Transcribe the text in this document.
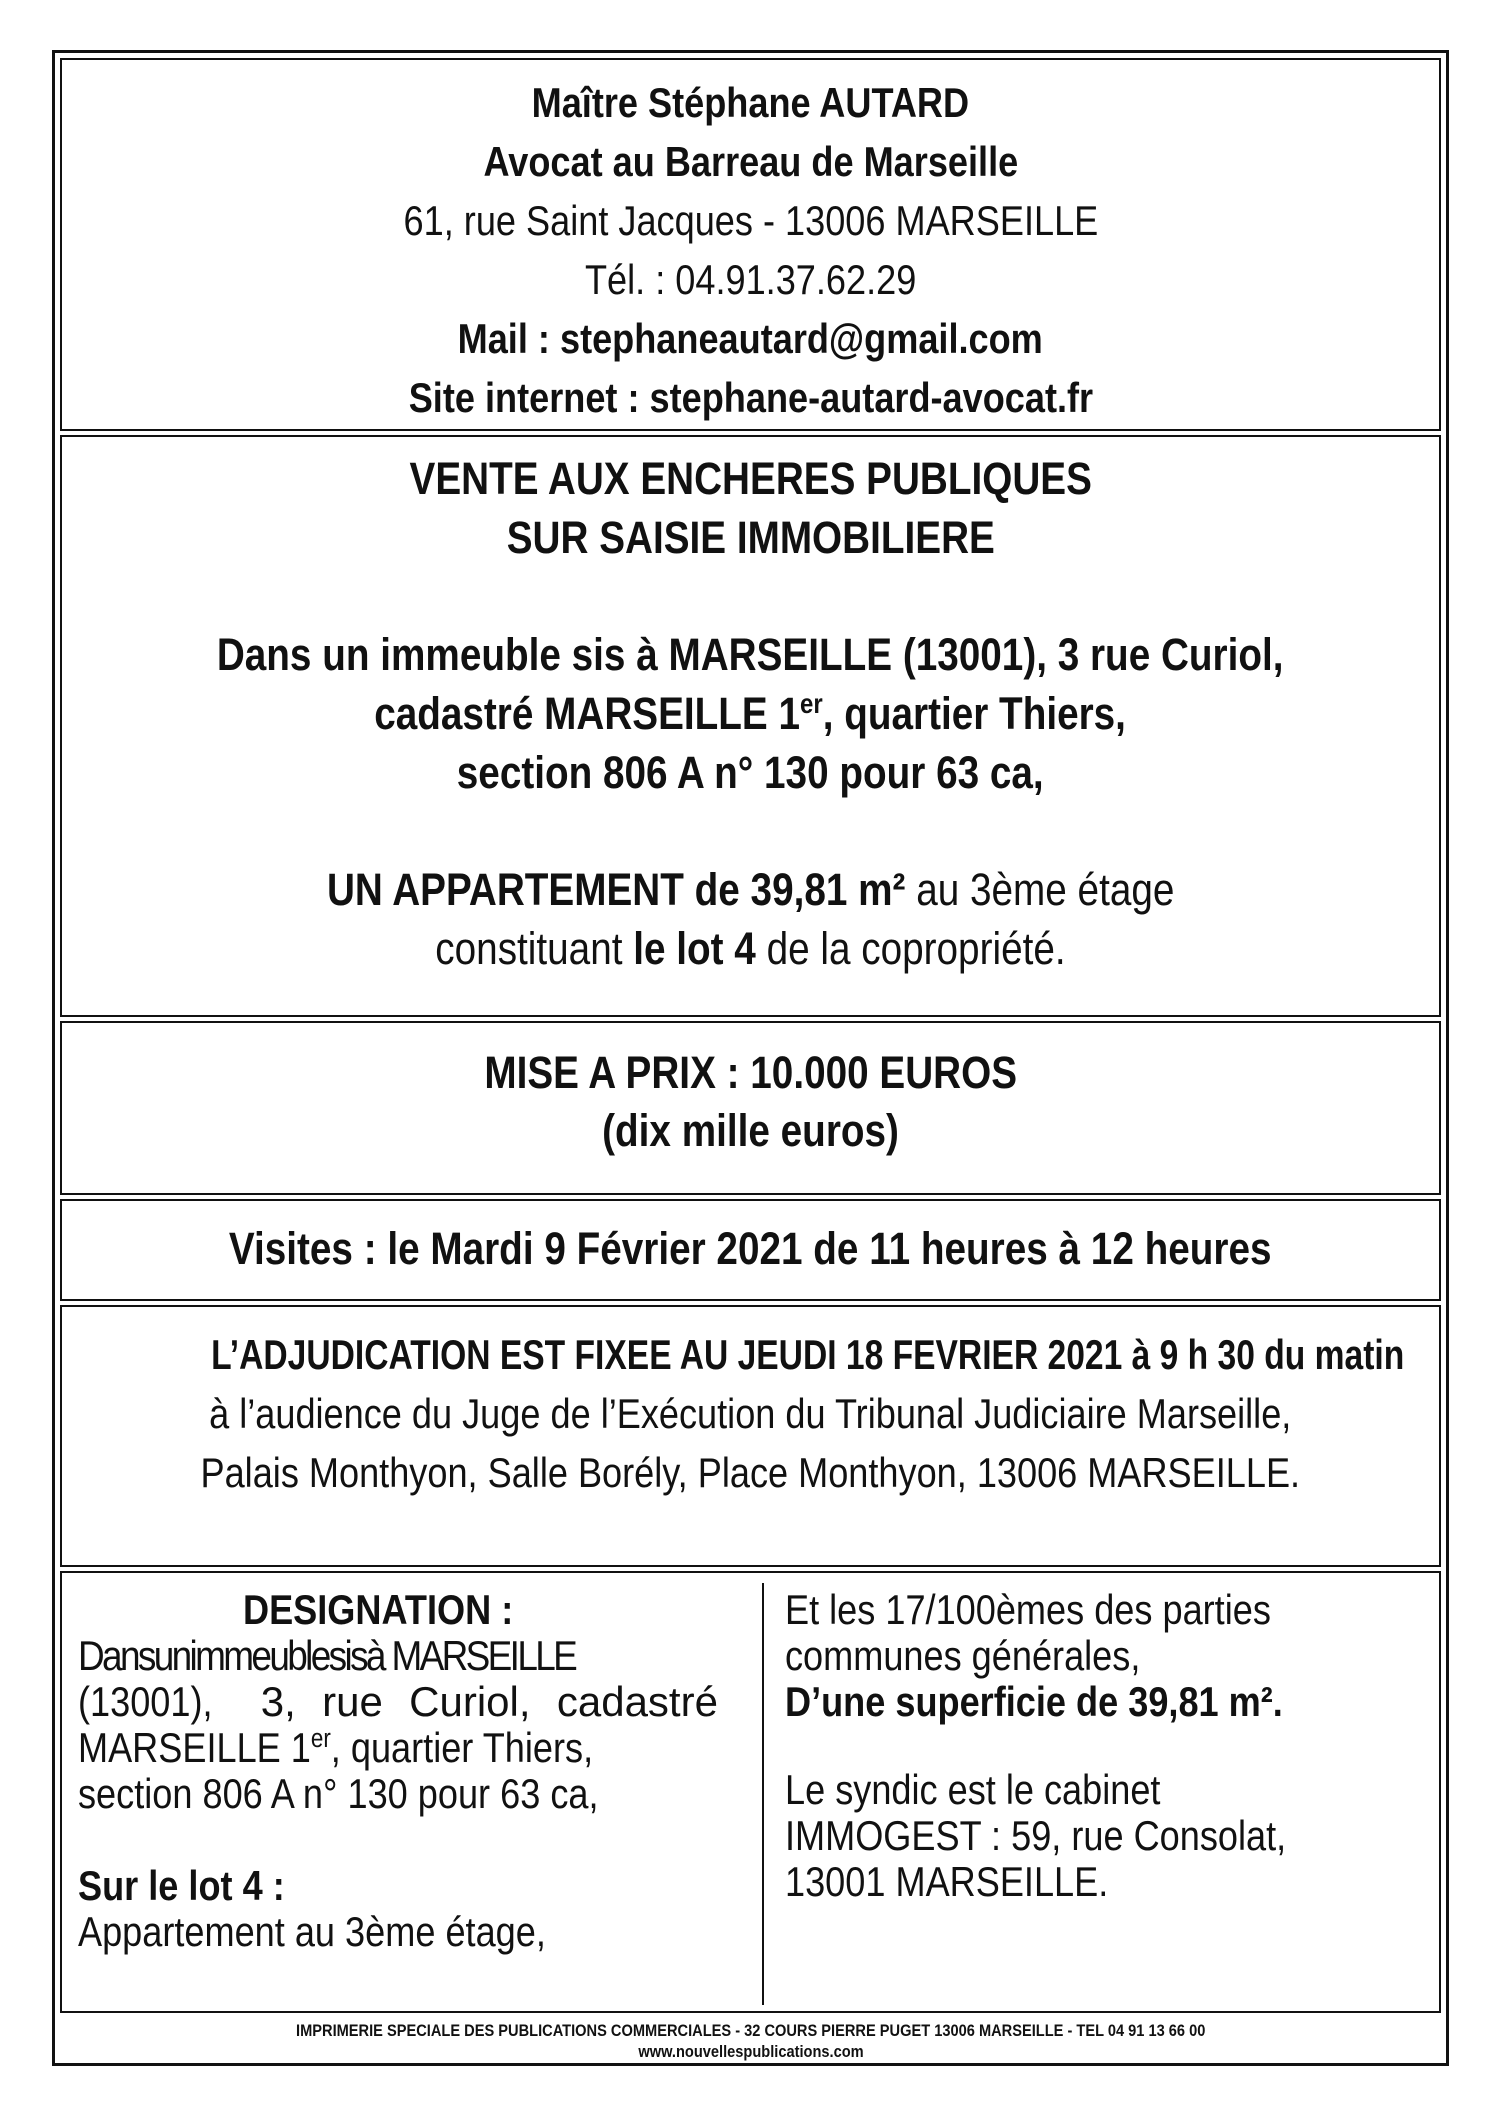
Maître Stéphane AUTARD
Avocat au Barreau de Marseille
61, rue Saint Jacques - 13006 MARSEILLE
Tél. : 04.91.37.62.29
Mail : stephaneautard@gmail.com
Site internet : stephane-autard-avocat.fr
VENTE AUX ENCHERES PUBLIQUES
SUR SAISIE IMMOBILIERE
Dans un immeuble sis à MARSEILLE (13001), 3 rue Curiol,
cadastré MARSEILLE 1er, quartier Thiers,
section 806 A n° 130 pour 63 ca,
UN APPARTEMENT de 39,81 m² au 3ème étage
constituant le lot 4 de la copropriété.
MISE A PRIX : 10.000 EUROS
(dix mille euros)
Visites : le Mardi 9 Février 2021 de 11 heures à 12 heures
L’ADJUDICATION EST FIXEE AU JEUDI 18 FEVRIER 2021 à 9 h 30 du matin
à l’audience du Juge de l’Exécution du Tribunal Judiciaire Marseille,
Palais Monthyon, Salle Borély, Place Monthyon, 13006 MARSEILLE.
DESIGNATION :
Dansunimmeublesisà MARSEILLE
(13001), 3, rue Curiol, cadastré
MARSEILLE 1er, quartier Thiers,
section 806 A n° 130 pour 63 ca,
Sur le lot 4 :
Appartement au 3ème étage,
Et les 17/100èmes des parties
communes générales,
D’une superficie de 39,81 m².
Le syndic est le cabinet
IMMOGEST : 59, rue Consolat,
13001 MARSEILLE.
IMPRIMERIE SPECIALE DES PUBLICATIONS COMMERCIALES - 32 COURS PIERRE PUGET 13006 MARSEILLE - TEL 04 91 13 66 00
www.nouvellespublications.com
